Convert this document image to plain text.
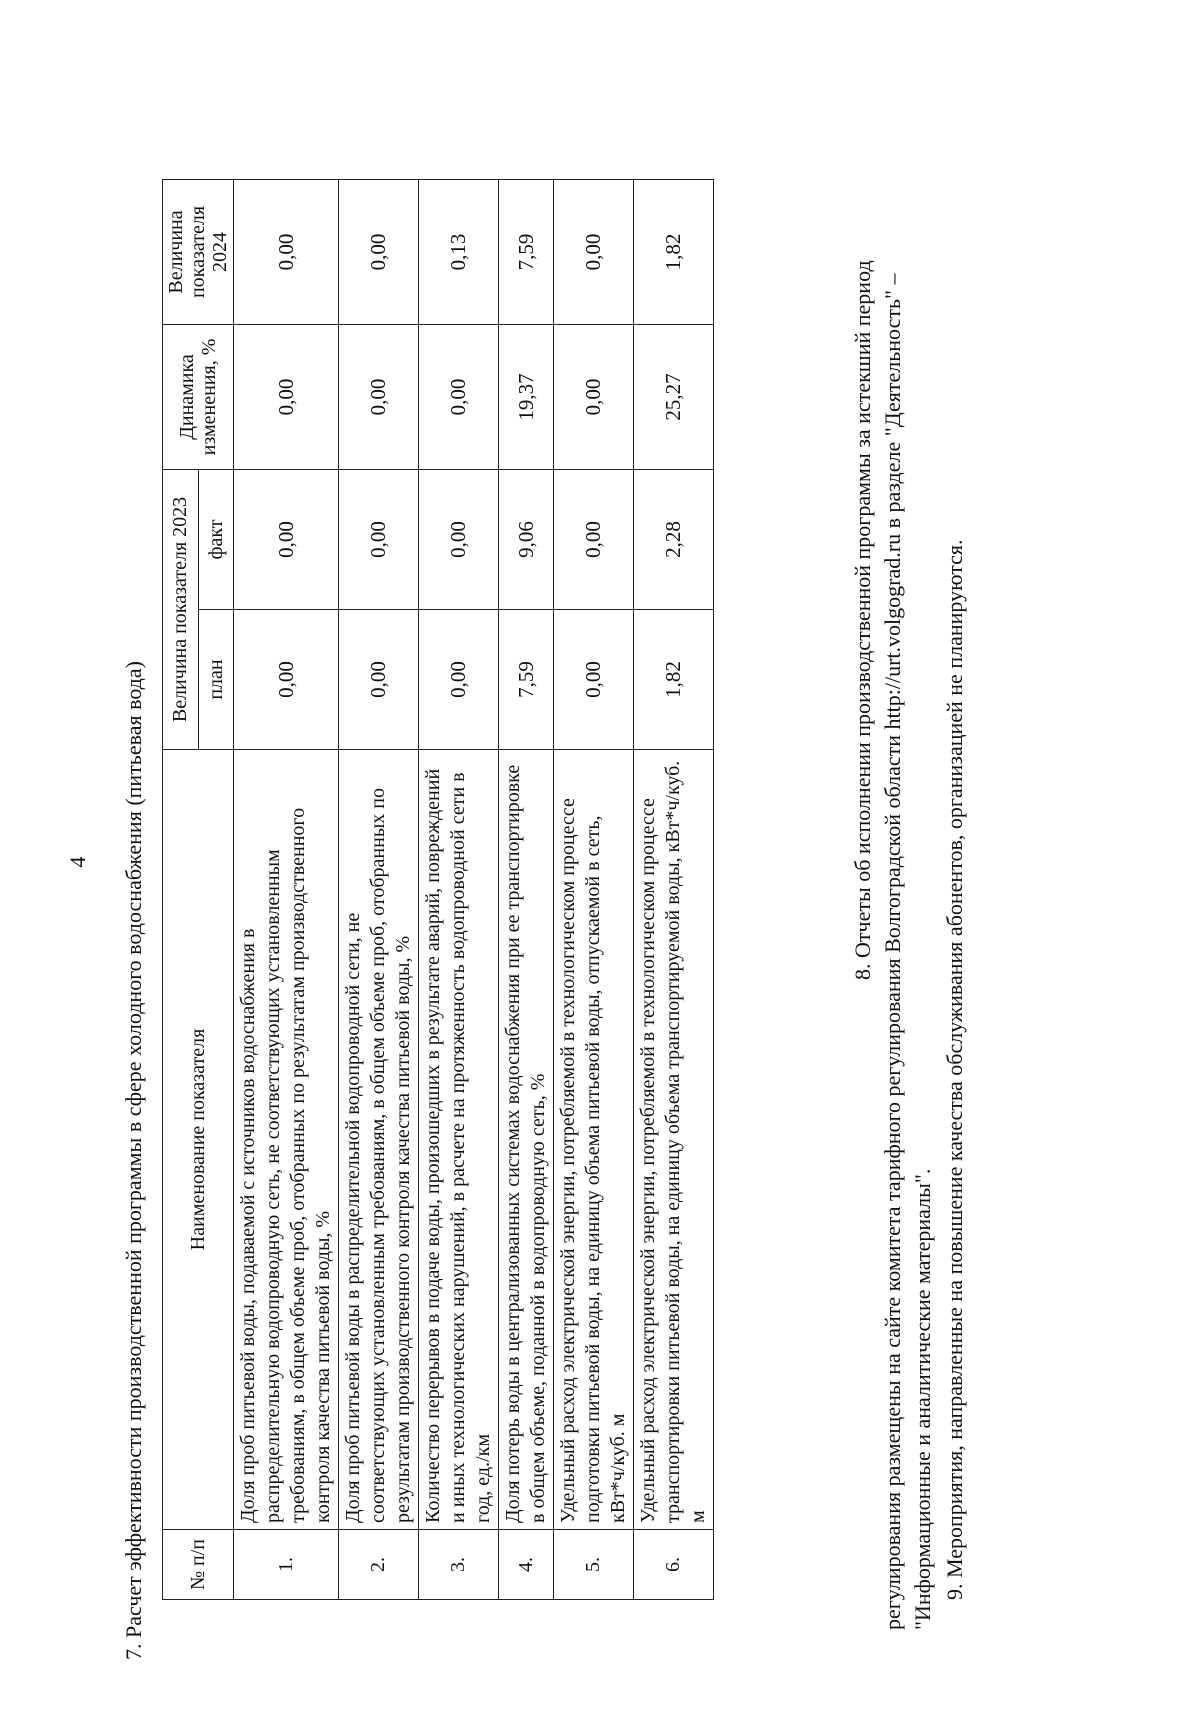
4 7. Расчет эффективности производственной программы в сфере холодного водоснабжения (питьевая вода) № п/п	Наименование показателя	Величина показателя 2023		Динамика изменения, %	Величина показателя 2024
		план	факт		
1.	Доля проб питьевой воды, подаваемой с источников водоснабжения в распределительную водопроводную сеть, не соответствующих установленным требованиям, в общем объеме проб, отобранных по результатам производственного контроля качества питьевой воды, %	0,00	0,00	0,00	0,00
2.	Доля проб питьевой воды в распределительной водопроводной сети, не соответствующих установленным требованиям, в общем объеме проб, отобранных по результатам производственного контроля качества питьевой воды, %	0,00	0,00	0,00	0,00
3.	Количество перерывов в подаче воды, произошедших в результате аварий, повреждений и иных технологических нарушений, в расчете на протяженность водопроводной сети в год, ед./км	0,00	0,00	0,00	0,13
4.	Доля потерь воды в централизованных системах водоснабжения при ее транспортировке в общем объеме, поданной в водопроводную сеть, %	7,59	9,06	19,37	7,59
5.	Удельный расход электрической энергии, потребляемой в технологическом процессе подготовки питьевой воды, на единицу объема питьевой воды, отпускаемой в сеть, кВт*ч/куб. м	0,00	0,00	0,00	0,00
6.	Удельный расход электрической энергии, потребляемой в технологическом процессе транспортировки питьевой воды, на единицу объема транспортируемой воды, кВт*ч/куб. м	1,82	2,28	25,27	1,82

8. Отчеты об исполнении производственной программы за истекший период регулирования размещены на сайте комитета тарифного регулирования Волгоградской области http://urt.volgograd.ru в разделе "Деятельность" – "Информационные и аналитические материалы". 9. Мероприятия, направленные на повышение качества обслуживания абонентов, организацией не планируются.
